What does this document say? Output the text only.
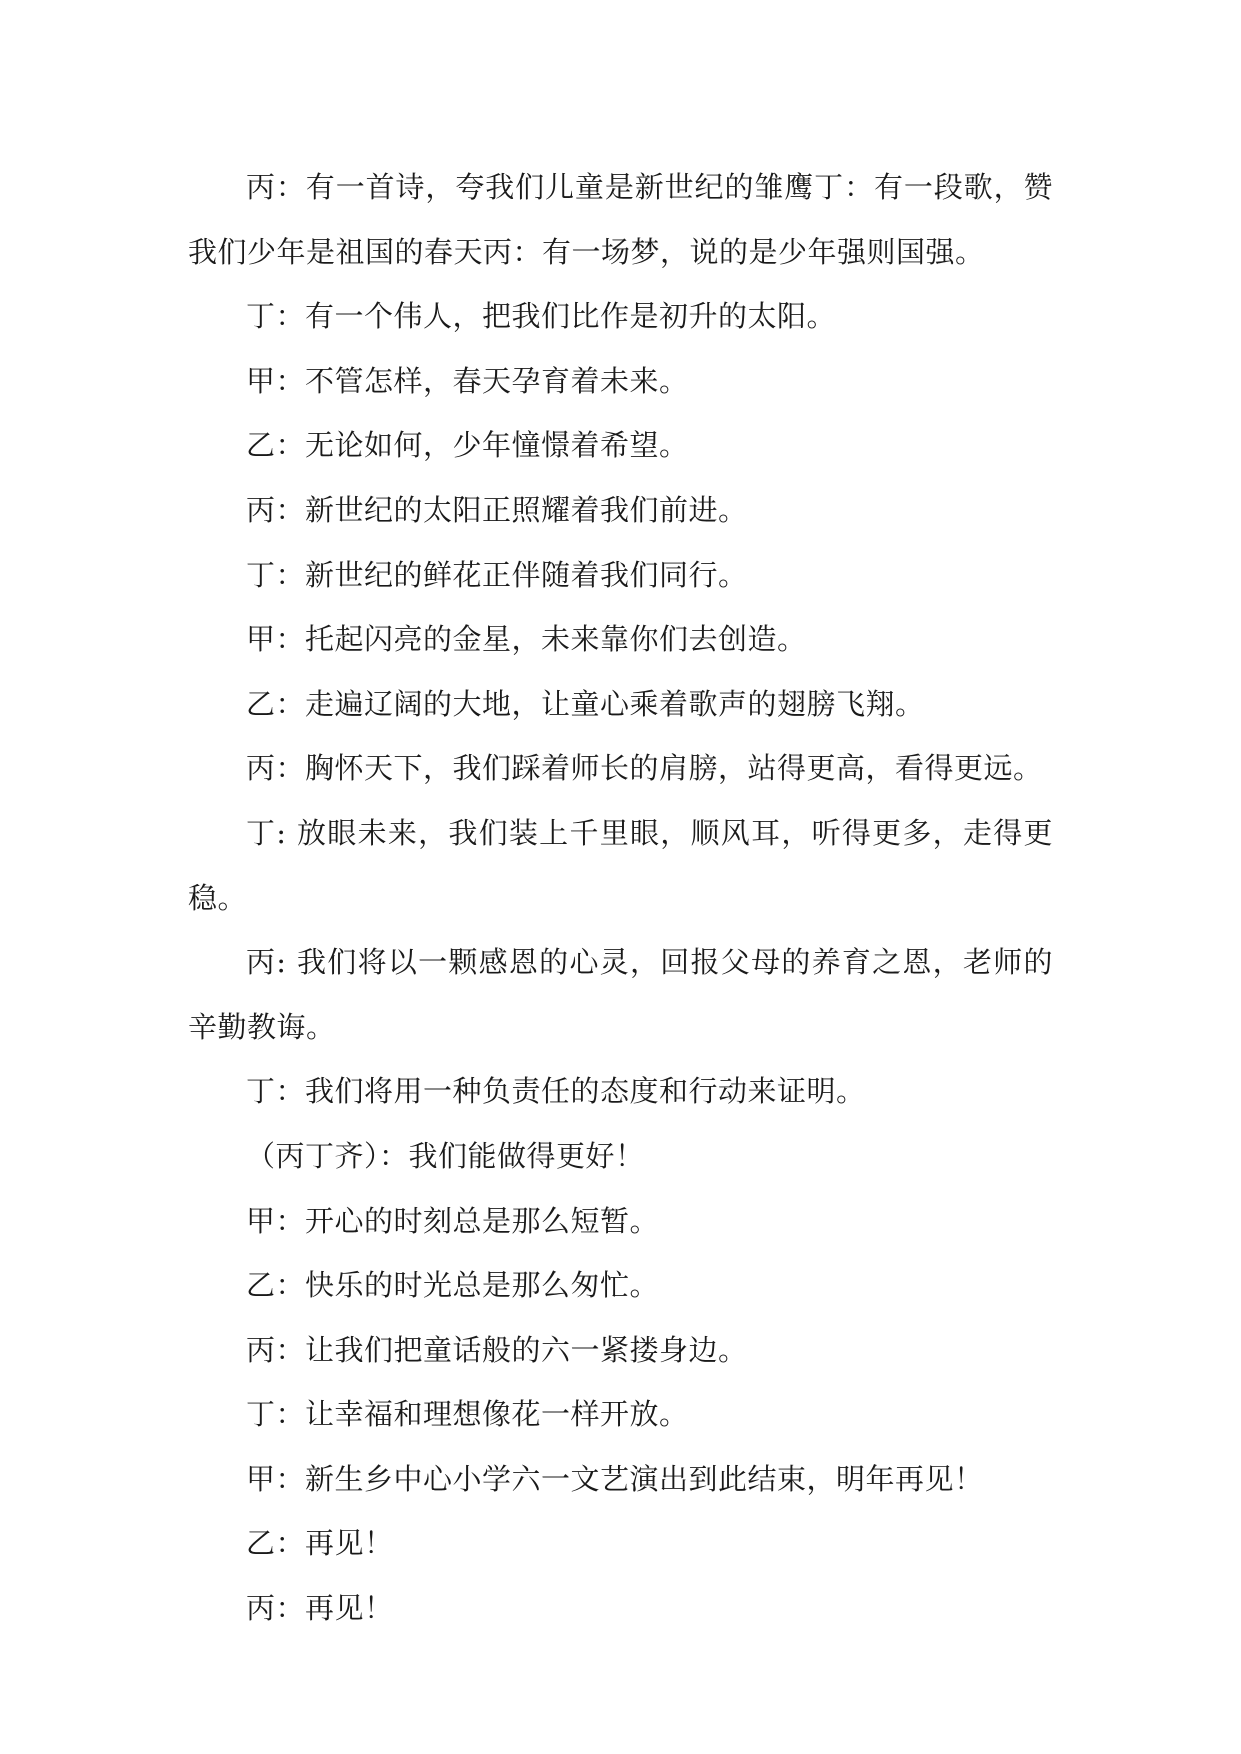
丙：有一首诗，夸我们儿童是新世纪的雏鹰丁：有一段歌，赞我们少年是祖国的春天丙：有一场梦，说的是少年强则国强。

丁：有一个伟人，把我们比作是初升的太阳。

甲：不管怎样，春天孕育着未来。

乙：无论如何，少年憧憬着希望。

丙：新世纪的太阳正照耀着我们前进。

丁：新世纪的鲜花正伴随着我们同行。

甲：托起闪亮的金星，未来靠你们去创造。

乙：走遍辽阔的大地，让童心乘着歌声的翅膀飞翔。

丙：胸怀天下，我们踩着师长的肩膀，站得更高，看得更远。

丁: 放眼未来，我们装上千里眼，顺风耳，听得更多，走得更稳。

丙: 我们将以一颗感恩的心灵，回报父母的养育之恩，老师的辛勤教诲。

丁：我们将用一种负责任的态度和行动来证明。

（丙丁齐）：我们能做得更好！

甲：开心的时刻总是那么短暂。

乙：快乐的时光总是那么匆忙。

丙：让我们把童话般的六一紧搂身边。

丁：让幸福和理想像花一样开放。

甲：新生乡中心小学六一文艺演出到此结束，明年再见！

乙：再见！

丙：再见！
